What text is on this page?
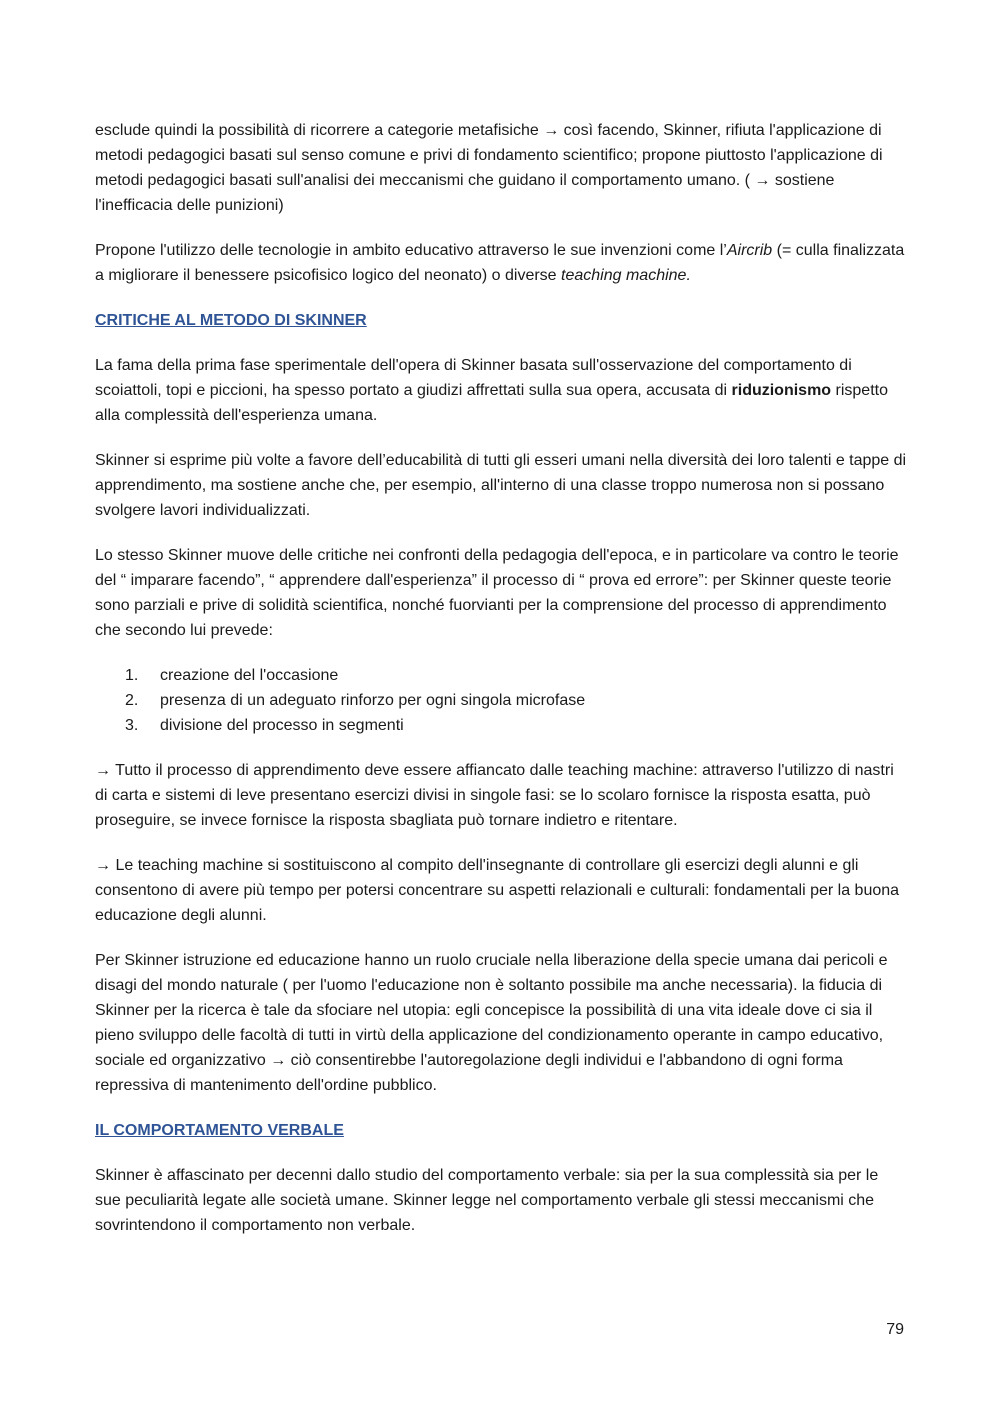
esclude quindi la possibilità di ricorrere a categorie metafisiche → così facendo, Skinner, rifiuta l'applicazione di metodi pedagogici basati sul senso comune e privi di fondamento scientifico; propone piuttosto l'applicazione di metodi pedagogici basati sull'analisi dei meccanismi che guidano il comportamento umano. ( → sostiene l'inefficacia delle punizioni)

Propone l'utilizzo delle tecnologie in ambito educativo attraverso le sue invenzioni come l’Aircrib (= culla finalizzata a migliorare il benessere psicofisico logico del neonato) o diverse teaching machine.

CRITICHE AL METODO DI SKINNER

La fama della prima fase sperimentale dell'opera di Skinner basata sull'osservazione del comportamento di scoiattoli, topi e piccioni, ha spesso portato a giudizi affrettati sulla sua opera, accusata di riduzionismo rispetto alla complessità dell'esperienza umana.

Skinner si esprime più volte a favore dell’educabilità di tutti gli esseri umani nella diversità dei loro talenti e tappe di apprendimento, ma sostiene anche che, per esempio, all'interno di una classe troppo numerosa non si possano svolgere lavori individualizzati.

Lo stesso Skinner muove delle critiche nei confronti della pedagogia dell'epoca, e in particolare va contro le teorie del “ imparare facendo”, “ apprendere dall'esperienza” il processo di “ prova ed errore”: per Skinner queste teorie sono parziali e prive di solidità scientifica, nonché fuorvianti per la comprensione del processo di apprendimento che secondo lui prevede:

1. creazione del l'occasione
2. presenza di un adeguato rinforzo per ogni singola microfase
3. divisione del processo in segmenti

→ Tutto il processo di apprendimento deve essere affiancato dalle teaching machine: attraverso l'utilizzo di nastri di carta e sistemi di leve presentano esercizi divisi in singole fasi: se lo scolaro fornisce la risposta esatta, può proseguire, se invece fornisce la risposta sbagliata può tornare indietro e ritentare.

→ Le teaching machine si sostituiscono al compito dell'insegnante di controllare gli esercizi degli alunni e gli consentono di avere più tempo per potersi concentrare su aspetti relazionali e culturali: fondamentali per la buona educazione degli alunni.

Per Skinner istruzione ed educazione hanno un ruolo cruciale nella liberazione della specie umana dai pericoli e disagi del mondo naturale ( per l'uomo l'educazione non è soltanto possibile ma anche necessaria). la fiducia di Skinner per la ricerca è tale da sfociare nel utopia: egli concepisce la possibilità di una vita ideale dove ci sia il pieno sviluppo delle facoltà di tutti in virtù della applicazione del condizionamento operante in campo educativo, sociale ed organizzativo → ciò consentirebbe l'autoregolazione degli individui e l'abbandono di ogni forma repressiva di mantenimento dell'ordine pubblico.

IL COMPORTAMENTO VERBALE

Skinner è affascinato per decenni dallo studio del comportamento verbale: sia per la sua complessità sia per le sue peculiarità legate alle società umane. Skinner legge nel comportamento verbale gli stessi meccanismi che sovrintendono il comportamento non verbale.

79
